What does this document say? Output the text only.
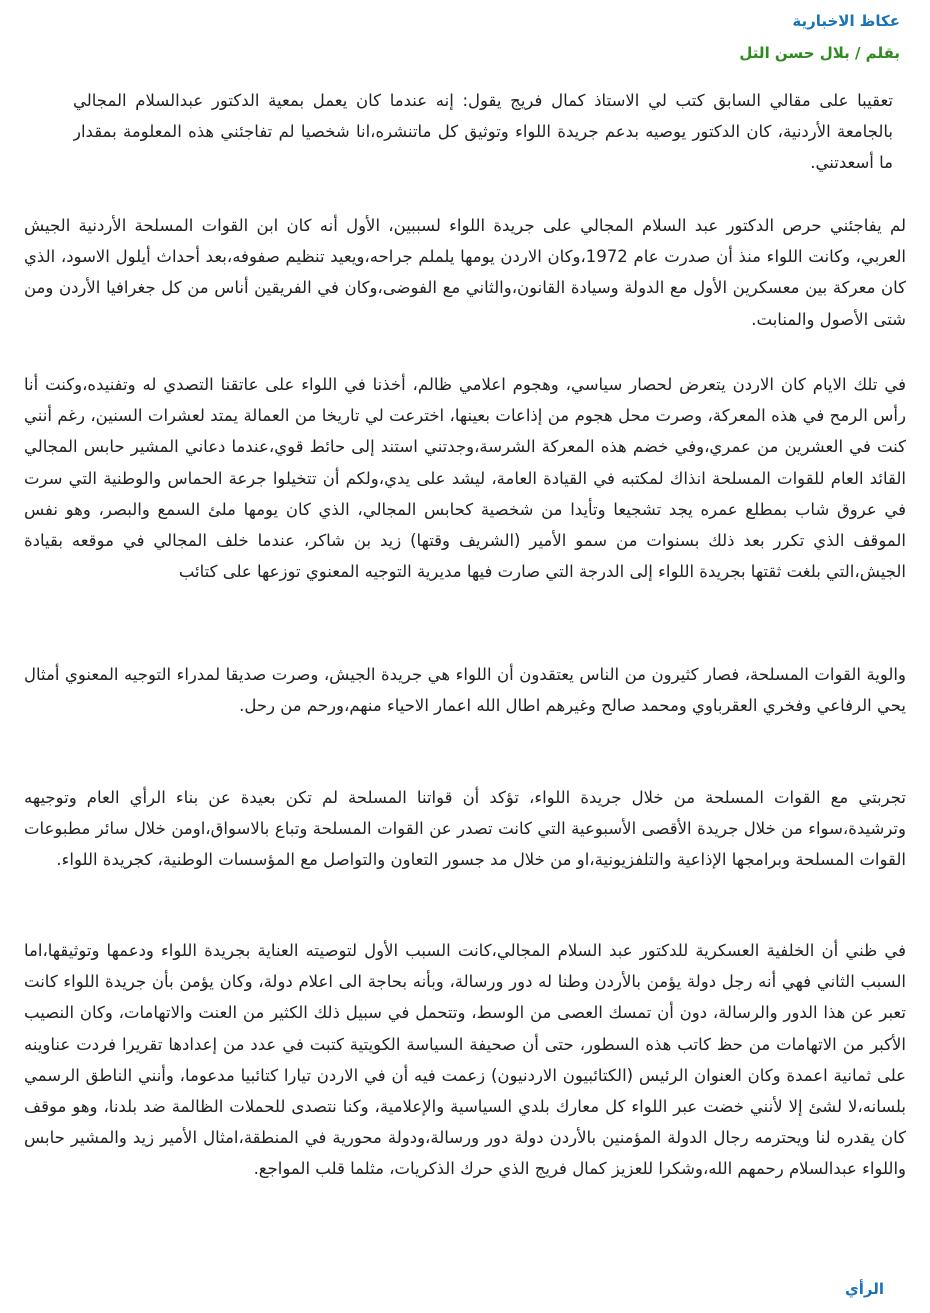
عكاظ الاخبارية

بقلم / بلال حسن التل

تعقيبا على مقالي السابق كتب لي الاستاذ كمال فريج يقول: إنه عندما كان يعمل بمعية الدكتور عبدالسلام المجالي بالجامعة الأردنية، كان الدكتور يوصيه بدعم جريدة اللواء وتوثيق كل ماتنشره،انا شخصيا لم تفاجئني هذه المعلومة بمقدار ما أسعدتني.

لم يفاجئني حرص الدكتور عبد السلام المجالي على جريدة اللواء لسببين، الأول أنه كان ابن القوات المسلحة الأردنية الجيش العربي، وكانت اللواء منذ أن صدرت عام 1972،وكان الاردن يومها يلملم جراحه،ويعيد تنظيم صفوفه،بعد أحداث أيلول الاسود، الذي كان معركة بين معسكرين الأول مع الدولة وسيادة القانون،والثاني مع الفوضى،وكان في الفريقين أناس من كل جغرافيا الأردن ومن شتى الأصول والمنابت.

في تلك الايام كان الاردن يتعرض لحصار سياسي، وهجوم اعلامي ظالم، أخذنا في اللواء على عاتقنا التصدي له وتفنيده،وكنت أنا رأس الرمح في هذه المعركة، وصرت محل هجوم من إذاعات بعينها، اخترعت لي تاريخا من العمالة يمتد لعشرات السنين، رغم أنني كنت في العشرين من عمري،وفي خضم هذه المعركة الشرسة،وجدتني استند إلى حائط قوي،عندما دعاني المشير حابس المجالي القائد العام للقوات المسلحة انذاك لمكتبه في القيادة العامة، ليشد على يدي،ولكم أن تتخيلوا جرعة الحماس والوطنية التي سرت في عروق شاب بمطلع عمره يجد تشجيعا وتأيدا من شخصية كحابس المجالي، الذي كان يومها ملئ السمع والبصر، وهو نفس الموقف الذي تكرر بعد ذلك بسنوات من سمو الأمير (الشريف وقتها) زيد بن شاكر، عندما خلف المجالي في موقعه بقيادة الجيش،التي بلغت ثقتها بجريدة اللواء إلى الدرجة التي صارت فيها مديرية التوجيه المعنوي توزعها على كتائب

والوية القوات المسلحة، فصار كثيرون من الناس يعتقدون أن اللواء هي جريدة الجيش، وصرت صديقا لمدراء التوجيه المعنوي أمثال يحي الرفاعي وفخري العقرباوي ومحمد صالح وغيرهم اطال الله اعمار الاحياء منهم،ورحم من رحل.

تجربتي مع القوات المسلحة من خلال جريدة اللواء، تؤكد أن قواتنا المسلحة لم تكن بعيدة عن بناء الرأي العام وتوجيهه وترشيدة،سواء من خلال جريدة الأقصى الأسبوعية التي كانت تصدر عن القوات المسلحة وتباع بالاسواق،اومن خلال سائر مطبوعات القوات المسلحة وبرامجها الإذاعية والتلفزيونية،او من خلال مد جسور التعاون والتواصل مع المؤسسات الوطنية، كجريدة اللواء.

في ظني أن الخلفية العسكرية للدكتور عبد السلام المجالي،كانت السبب الأول لتوصيته العناية بجريدة اللواء ودعمها وتوثيقها،اما السبب الثاني فهي أنه رجل دولة يؤمن بالأردن وطنا له دور ورسالة، وبأنه بحاجة الى اعلام دولة، وكان يؤمن بأن جريدة اللواء كانت تعبر عن هذا الدور والرسالة، دون أن تمسك العصى من الوسط، وتتحمل في سبيل ذلك الكثير من العنت والاتهامات، وكان النصيب الأكبر من الاتهامات من حظ كاتب هذه السطور، حتى أن صحيفة السياسة الكويتية كتبت في عدد من إعدادها تقريرا فردت عناوينه على ثمانية اعمدة وكان العنوان الرئيس (الكتائبيون الاردنيون) زعمت فيه أن في الاردن تيارا كتائبيا مدعوما، وأنني الناطق الرسمي بلسانه،لا لشئ إلا لأنني خضت عبر اللواء كل معارك بلدي السياسية والإعلامية، وكنا نتصدى للحملات الظالمة ضد بلدنا، وهو موقف كان يقدره لنا ويحترمه رجال الدولة المؤمنين بالأردن دولة دور ورسالة،ودولة محورية في المنطقة،امثال الأمير زيد والمشير حابس واللواء عبدالسلام رحمهم الله،وشكرا للعزيز كمال فريج الذي حرك الذكريات، مثلما قلب المواجع.

الرأي
